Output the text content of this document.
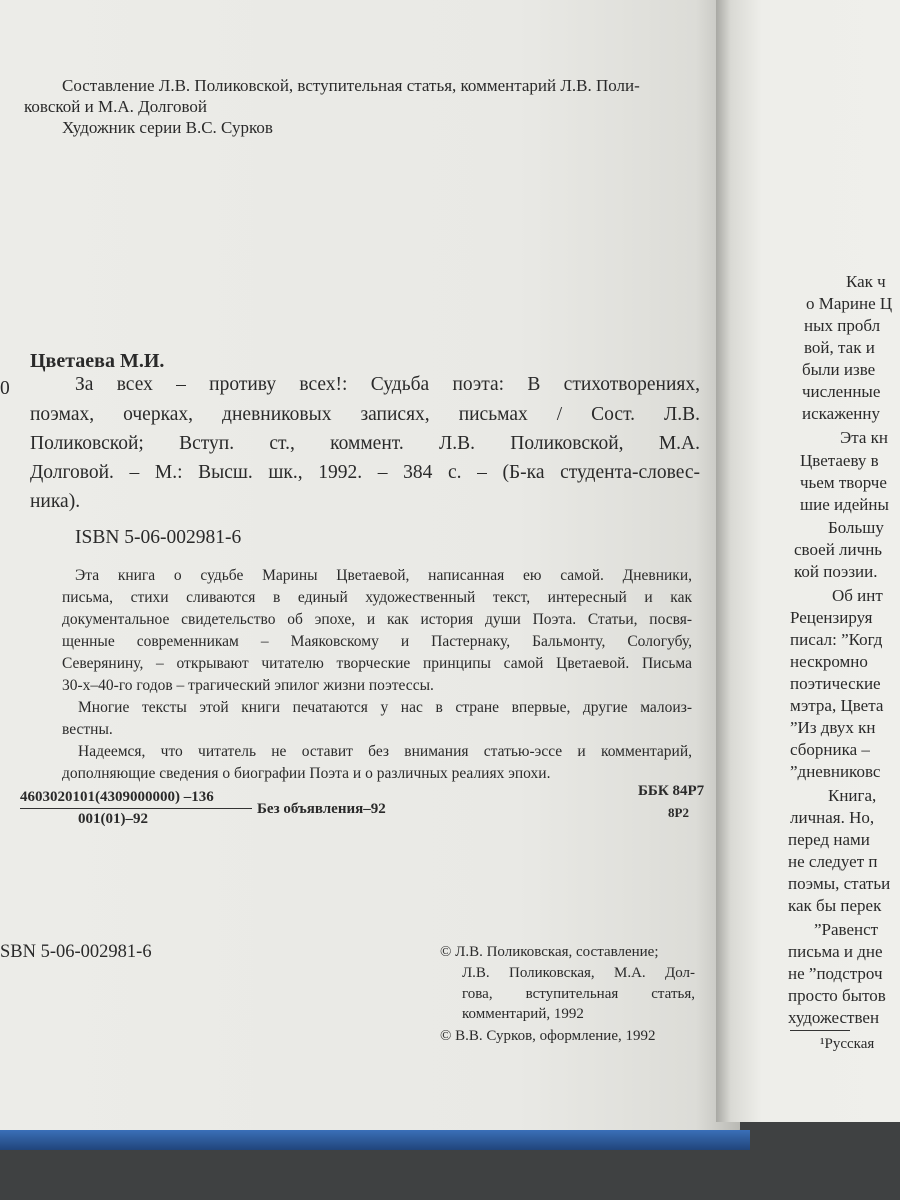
Составление Л.В. Поликовской, вступительная статья, комментарий Л.В. Поли-
ковской и М.А. Долговой
Художник серии В.С. Сурков
Цветаева М.И.
0	За всех – противу всех!: Судьба поэта: В стихотворениях,
поэмах, очерках, дневниковых записях, письмах / Сост. Л.В.
Поликовской; Вступ. ст., коммент. Л.В. Поликовской, М.А.
Долговой. – М.: Высш. шк., 1992. – 384 с. – (Б-ка студента-словес-
ника).
ISBN 5-06-002981-6
Эта книга о судьбе Марины Цветаевой, написанная ею самой. Дневники,
письма, стихи сливаются в единый художественный текст, интересный и как
документальное свидетельство об эпохе, и как история души Поэта. Статьи, посвя-
щенные современникам – Маяковскому и Пастернаку, Бальмонту, Сологубу,
Северянину, – открывают читателю творческие принципы самой Цветаевой. Письма
30-х–40-го годов – трагический эпилог жизни поэтессы.
Многие тексты этой книги печатаются у нас в стране впервые, другие малоиз-
вестны.
Надеемся, что читатель не оставит без внимания статью-эссе и комментарий,
дополняющие сведения о биографии Поэта и о различных реалиях эпохи.
4603020101(4309000000) –136
001(01)–92
Без объявления–92
ББК 84Р7
8Р2
SBN 5-06-002981-6	© Л.В. Поликовская, составление;
Л.В. Поликовская, М.А. Дол-
гова, вступительная статья,
комментарий, 1992
© В.В. Сурков, оформление, 1992
Как ч
о Марине Ц
ных пробл
вой, так и
были изве
численные
искаженну
Эта кн
Цветаеву в
чьем творче
шие идейны
Большу
своей личнь
кой поэзии.
Об инт
Рецензируя
писал: ”Когд
нескромно
поэтические
мэтра, Цвета
”Из двух кн
сборника –
”дневниковс
Книга,
личная. Но,
перед нами
не следует п
поэмы, статьи
как бы перек
”Равенст
письма и дне
не ”подстроч
просто бытов
художествен
¹Русская
